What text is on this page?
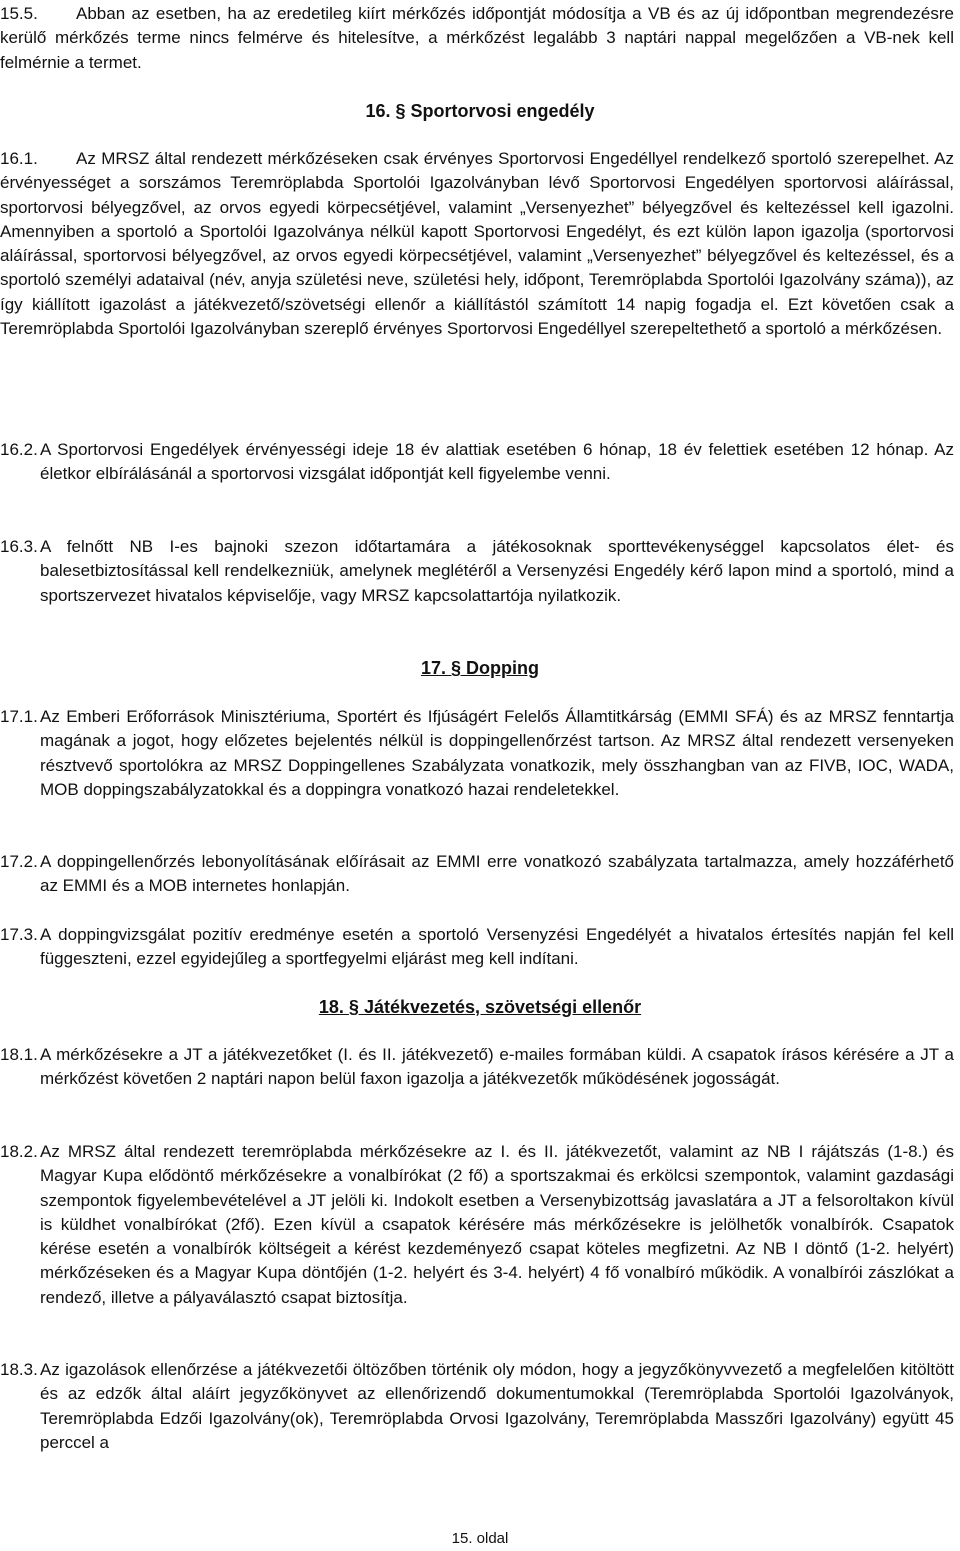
15.5.	Abban az esetben, ha az eredetileg kiírt mérkőzés időpontját módosítja a VB és az új időpontban megrendezésre kerülő mérkőzés terme nincs felmérve és hitelesítve, a mérkőzést legalább 3 naptári nappal megelőzően a VB-nek kell felmérnie a termet.
16. § Sportorvosi engedély
16.1.	Az MRSZ által rendezett mérkőzéseken csak érvényes Sportorvosi Engedéllyel rendelkező sportoló szerepelhet. Az érvényességet a sorszámos Teremröplabda Sportolói Igazolványban lévő Sportorvosi Engedélyen sportorvosi aláírással, sportorvosi bélyegzővel, az orvos egyedi körpecsétjével, valamint „Versenyezhet” bélyegzővel és keltezéssel kell igazolni. Amennyiben a sportoló a Sportolói Igazolványa nélkül kapott Sportorvosi Engedélyt, és ezt külön lapon igazolja (sportorvosi aláírással, sportorvosi bélyegzővel, az orvos egyedi körpecsétjével, valamint „Versenyezhet” bélyegzővel és keltezéssel, és a sportoló személyi adataival (név, anyja születési neve, születési hely, időpont, Teremröplabda Sportolói Igazolvány száma)), az így kiállított igazolást a játékvezető/szövetségi ellenőr a kiállítástól számított 14 napig fogadja el. Ezt követően csak a Teremröplabda Sportolói Igazolványban szereplő érvényes Sportorvosi Engedéllyel szerepeltethető a sportoló a mérkőzésen.
16.2. A Sportorvosi Engedélyek érvényességi ideje 18 év alattiak esetében 6 hónap, 18 év felettiek esetében 12 hónap. Az életkor elbírálásánál a sportorvosi vizsgálat időpontját kell figyelembe venni.
16.3. A felnőtt NB I-es bajnoki szezon időtartamára a játékosoknak sporttevékenységgel kapcsolatos élet- és balesetbiztosítással kell rendelkezniük, amelynek meglétéről a Versenyzési Engedély kérő lapon mind a sportoló, mind a sportszervezet hivatalos képviselője, vagy MRSZ kapcsolattartója nyilatkozik.
17. § Dopping
17.1. Az Emberi Erőforrások Minisztériuma, Sportért és Ifjúságért Felelős Államtitkárság (EMMI SFÁ) és az MRSZ fenntartja magának a jogot, hogy előzetes bejelentés nélkül is doppingellenőrzést tartson. Az MRSZ által rendezett versenyeken résztvevő sportolókra az MRSZ Doppingellenes Szabályzata vonatkozik, mely összhangban van az FIVB, IOC, WADA, MOB doppingszabályzatokkal és a doppingra vonatkozó hazai rendeletekkel.
17.2. A doppingellenőrzés lebonyolításának előírásait az EMMI erre vonatkozó szabályzata tartalmazza, amely hozzáférhető az EMMI és a MOB internetes honlapján.
17.3. A doppingvizsgálat pozitív eredménye esetén a sportoló Versenyzési Engedélyét a hivatalos értesítés napján fel kell függeszteni, ezzel egyidejűleg a sportfegyelmi eljárást meg kell indítani.
18. § Játékvezetés, szövetségi ellenőr
18.1. A mérkőzésekre a JT a játékvezetőket (I. és II. játékvezető) e-mailes formában küldi. A csapatok írásos kérésére a JT a mérkőzést követően 2 naptári napon belül faxon igazolja a játékvezetők működésének jogosságát.
18.2. Az MRSZ által rendezett teremröplabda mérkőzésekre az I. és II. játékvezetőt, valamint az NB I rájátszás (1-8.) és Magyar Kupa elődöntő mérkőzésekre a vonalbírókat (2 fő) a sportszakmai és erkölcsi szempontok, valamint gazdasági szempontok figyelembevételével a JT jelöli ki. Indokolt esetben a Versenybizottság javaslatára a JT a felsoroltakon kívül is küldhet vonalbírókat (2fő). Ezen kívül a csapatok kérésére más mérkőzésekre is jelölhetők vonalbírók. Csapatok kérése esetén a vonalbírók költségeit a kérést kezdeményező csapat köteles megfizetni. Az NB I döntő (1-2. helyért) mérkőzéseken és a Magyar Kupa döntőjén (1-2. helyért és 3-4. helyért) 4 fő vonalbíró működik. A vonalbírói zászlókat a rendező, illetve a pályaválasztó csapat biztosítja.
18.3. Az igazolások ellenőrzése a játékvezetői öltözőben történik oly módon, hogy a jegyzőkönyvvezető a megfelelően kitöltött és az edzők által aláírt jegyzőkönyvet az ellenőrizendő dokumentumokkal (Teremröplabda Sportolói Igazolványok, Teremröplabda Edzői Igazolvány(ok), Teremröplabda Orvosi Igazolvány, Teremröplabda Masszőri Igazolvány) együtt 45 perccel a
15. oldal
